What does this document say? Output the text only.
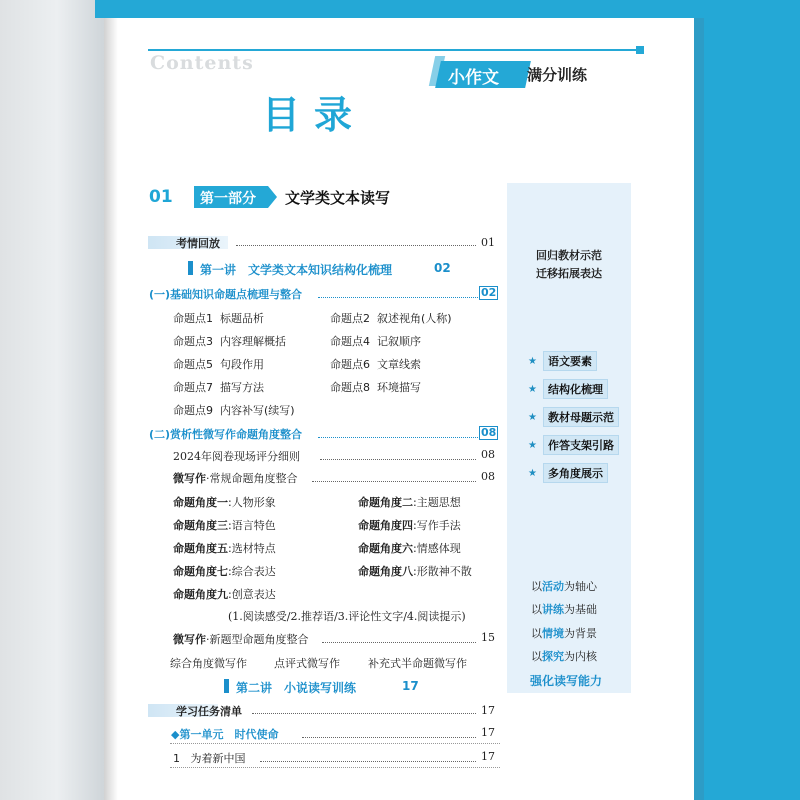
Contents
小作文 满分训练
目录
回归教材示范
迁移拓展表达
★	语文要素
★	结构化梳理
★	教材母题示范
★	作答支架引路
★	多角度展示
以活动为轴心
以讲练为基础
以情境为背景
以探究为内核
强化读写能力
01 第一部分 文学类文本读写
考情回放	01
第一讲　文学类文本知识结构化梳理	02
(一)基础知识命题点梳理与整合	02
命题点1 标题品析	命题点2 叙述视角(人称)
命题点3 内容理解概括	命题点4 记叙顺序
命题点5 句段作用	命题点6 文章线索
命题点7 描写方法	命题点8 环境描写
命题点9 内容补写(续写)
(二)赏析性微写作命题角度整合	08
2024年阅卷现场评分细则	08
微写作·常规命题角度整合	08
命题角度一:人物形象	命题角度二:主题思想
命题角度三:语言特色	命题角度四:写作手法
命题角度五:选材特点	命题角度六:情感体现
命题角度七:综合表达	命题角度八:形散神不散
命题角度九:创意表达
(1.阅读感受/2.推荐语/3.评论性文字/4.阅读提示)
微写作·新题型命题角度整合	15
综合角度微写作 点评式微写作	补充式半命题微写作
第二讲　小说读写训练	17
学习任务清单	17
◆第一单元　时代使命	17
1 为着新中国	17
